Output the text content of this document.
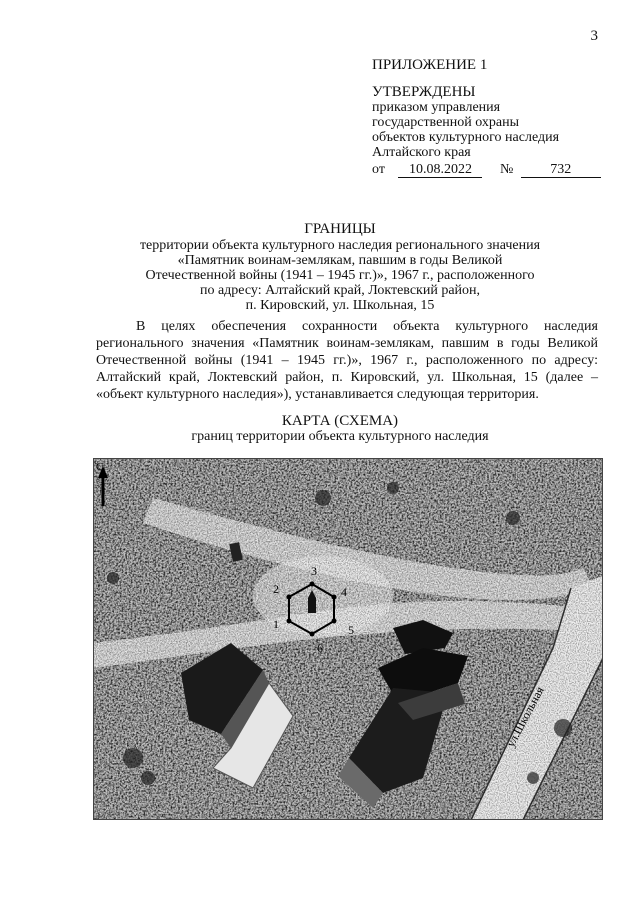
3
ПРИЛОЖЕНИЕ 1
УТВЕРЖДЕНЫ
приказом управления
государственной охраны
объектов культурного наследия
Алтайского края
от 10.08.2022 №	732
ГРАНИЦЫ
территории объекта культурного наследия регионального значения
«Памятник воинам-землякам, павшим в годы Великой
Отечественной войны (1941 – 1945 гг.)», 1967 г., расположенного
по адресу: Алтайский край, Локтевский район,
п. Кировский, ул. Школьная, 15
В целях обеспечения сохранности объекта культурного наследия регионального значения «Памятник воинам-землякам, павшим в годы Великой Отечественной войны (1941 – 1945 гг.)», 1967 г., расположенного по адресу: Алтайский край, Локтевский район, п. Кировский, ул. Школьная, 15 (далее – «объект культурного наследия»), устанавливается следующая территория.
КАРТА (СХЕМА)
границ территории объекта культурного наследия
С
1
2
3
4
5
6
ул.Школьная
